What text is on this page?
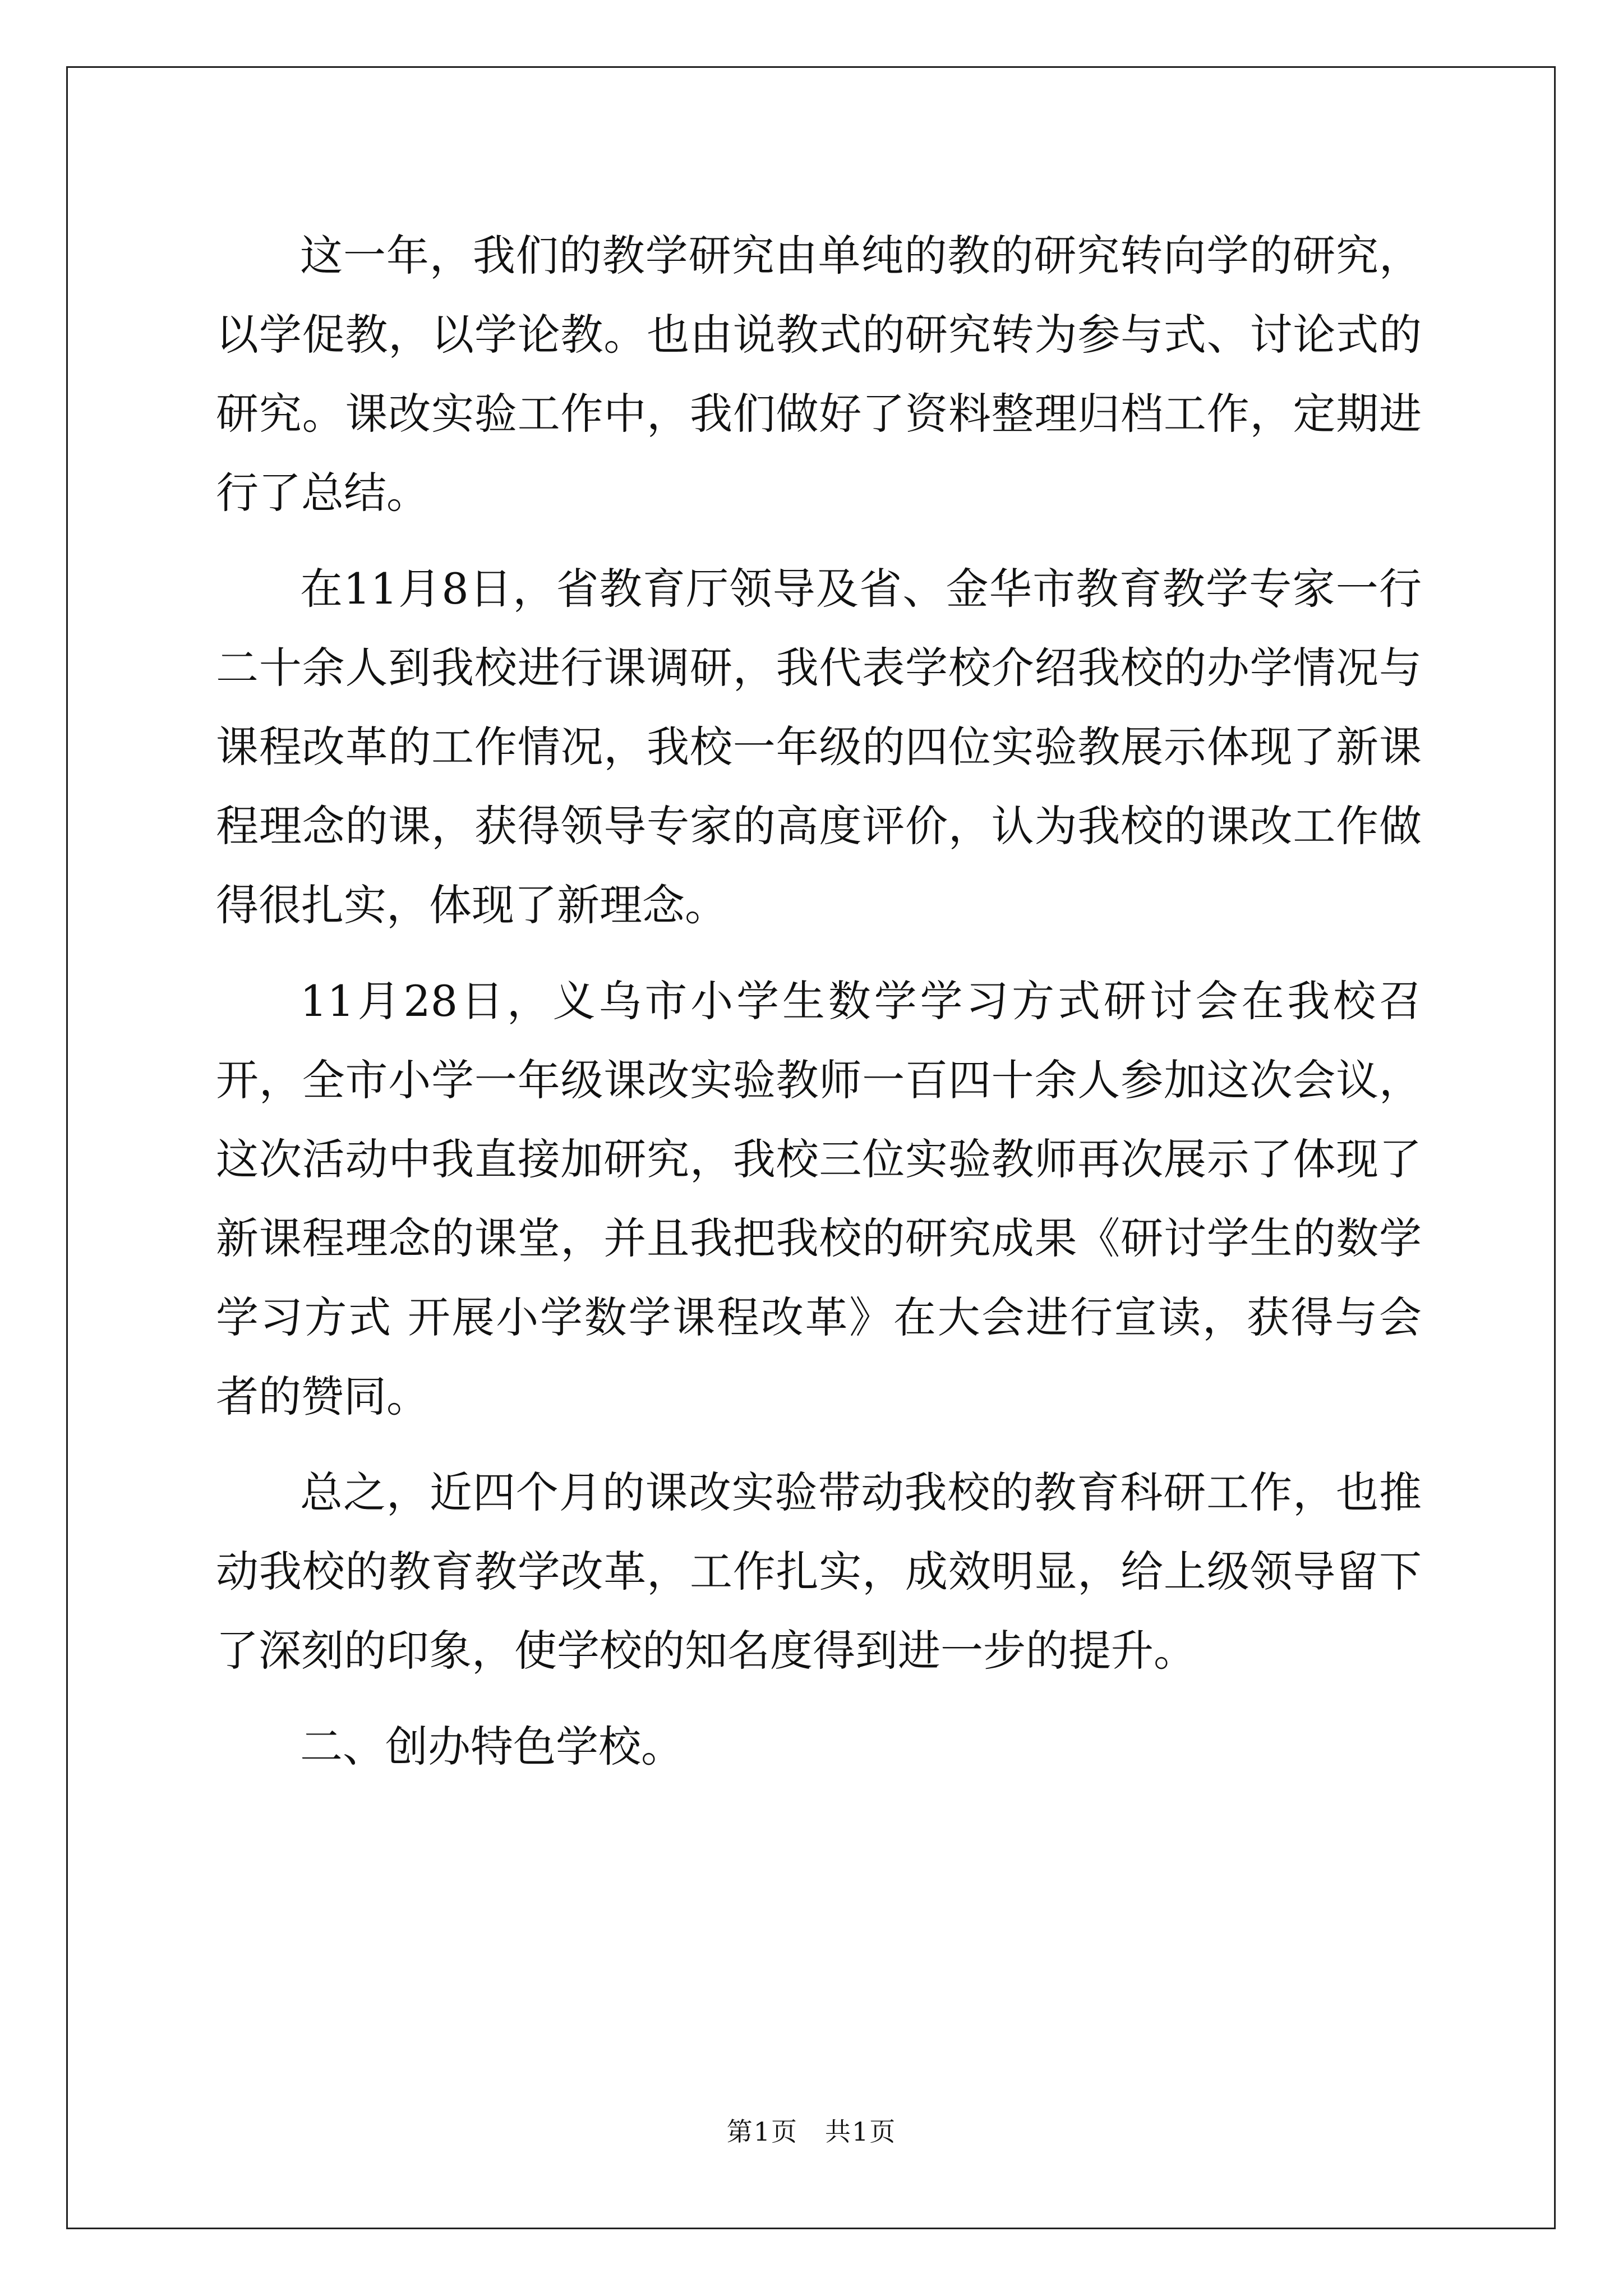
这一年，我们的教学研究由单纯的教的研究转向学的研究，以学促教，以学论教。也由说教式的研究转为参与式、讨论式的研究。课改实验工作中，我们做好了资料整理归档工作，定期进行了总结。

在11月8日，省教育厅领导及省、金华市教育教学专家一行二十余人到我校进行课调研，我代表学校介绍我校的办学情况与课程改革的工作情况，我校一年级的四位实验教展示体现了新课程理念的课，获得领导专家的高度评价，认为我校的课改工作做得很扎实，体现了新理念。

11月28日，义乌市小学生数学学习方式研讨会在我校召开，全市小学一年级课改实验教师一百四十余人参加这次会议，这次活动中我直接加研究，我校三位实验教师再次展示了体现了新课程理念的课堂，并且我把我校的研究成果《研讨学生的数学学习方式 开展小学数学课程改革》在大会进行宣读，获得与会者的赞同。

总之，近四个月的课改实验带动我校的教育科研工作，也推动我校的教育教学改革，工作扎实，成效明显，给上级领导留下了深刻的印象，使学校的知名度得到进一步的提升。

二、创办特色学校。

第1页　共1页
